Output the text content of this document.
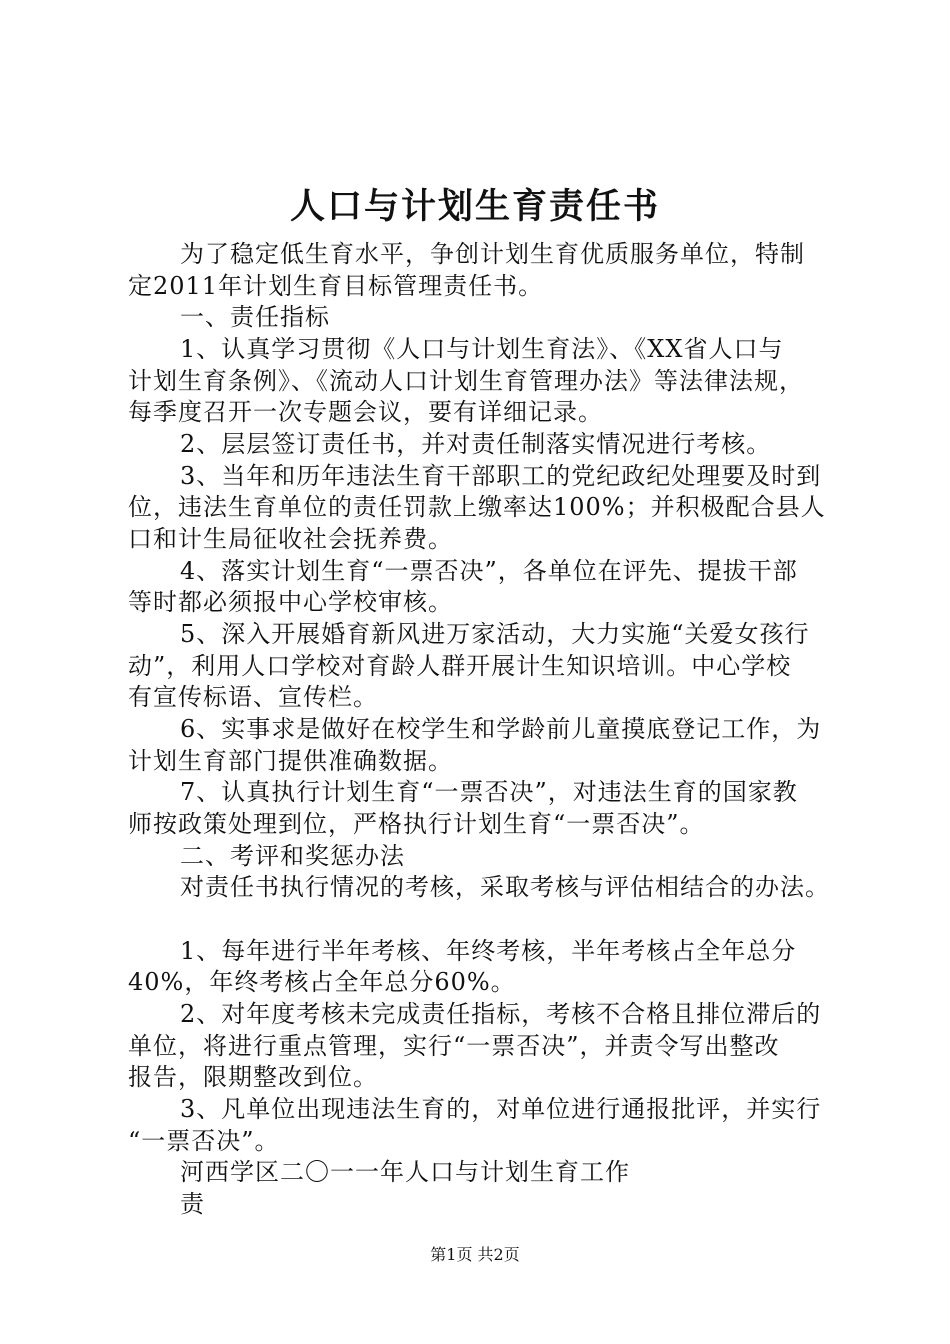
人口与计划生育责任书

为了稳定低生育水平，争创计划生育优质服务单位，特制

定2011年计划生育目标管理责任书。

一、责任指标

1、认真学习贯彻《人口与计划生育法》、《XX省人口与

计划生育条例》、《流动人口计划生育管理办法》等法律法规，

每季度召开一次专题会议，要有详细记录。

2、层层签订责任书，并对责任制落实情况进行考核。

3、当年和历年违法生育干部职工的党纪政纪处理要及时到

位，违法生育单位的责任罚款上缴率达100%；并积极配合县人

口和计生局征收社会抚养费。

4、落实计划生育“一票否决”，各单位在评先、提拔干部

等时都必须报中心学校审核。

5、深入开展婚育新风进万家活动，大力实施“关爱女孩行

动”，利用人口学校对育龄人群开展计生知识培训。中心学校

有宣传标语、宣传栏。

6、实事求是做好在校学生和学龄前儿童摸底登记工作，为

计划生育部门提供准确数据。

7、认真执行计划生育“一票否决”，对违法生育的国家教

师按政策处理到位，严格执行计划生育“一票否决”。

二、考评和奖惩办法

对责任书执行情况的考核，采取考核与评估相结合的办法。

1、每年进行半年考核、年终考核，半年考核占全年总分

40%，年终考核占全年总分60%。

2、对年度考核未完成责任指标，考核不合格且排位滞后的

单位，将进行重点管理，实行“一票否决”，并责令写出整改

报告，限期整改到位。

3、凡单位出现违法生育的，对单位进行通报批评，并实行

“一票否决”。

河西学区二〇一一年人口与计划生育工作

责

第1页 共2页
